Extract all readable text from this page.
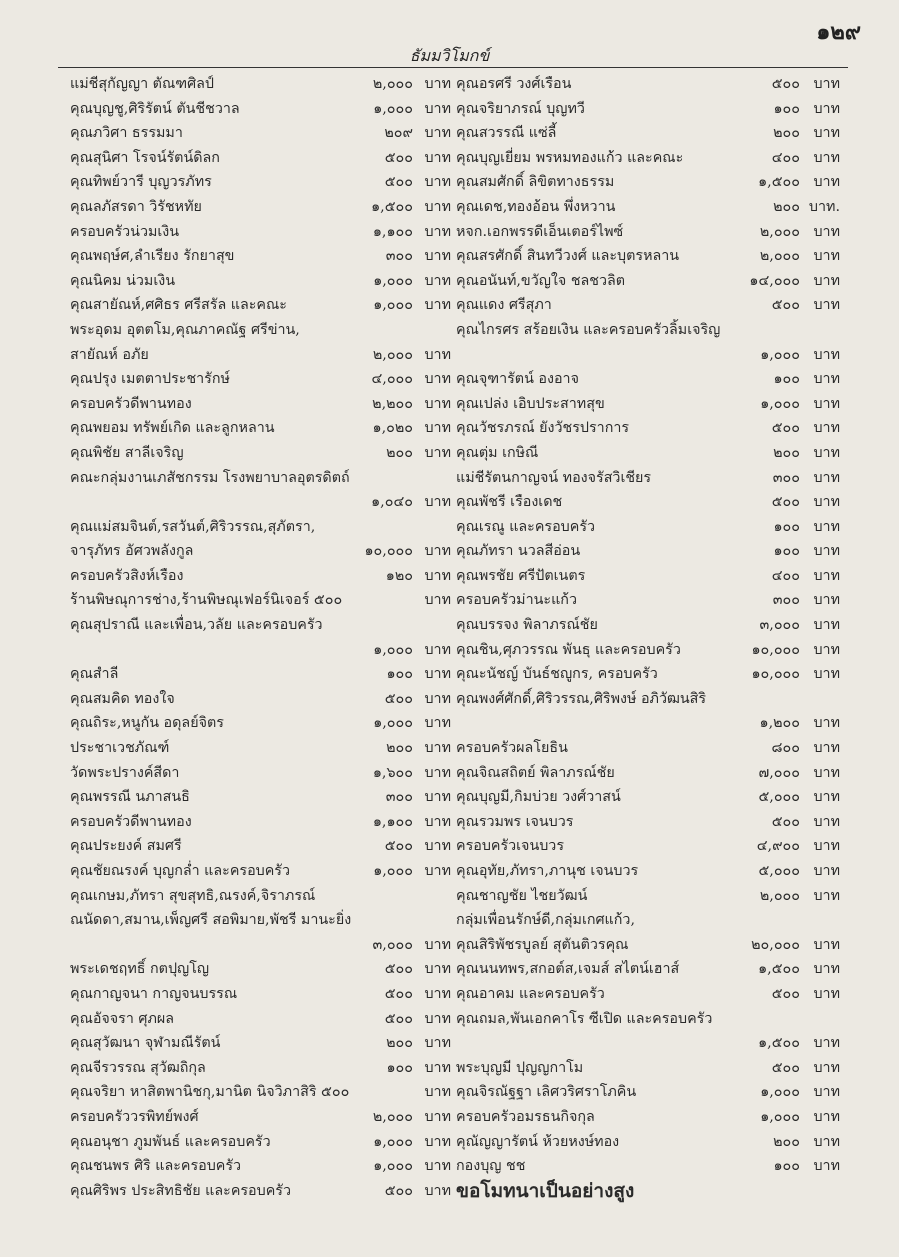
๑๒๙
ธัมมวิโมกข์
แม่ชีสุกัญญา ตัณฑศิลป์	๒,๐๐๐ บาท
คุณบุญชู,ศิริรัตน์ ตันชีชวาล	๑,๐๐๐ บาท
คุณภวิศา ธรรมมา	๒๐๙ บาท
คุณสุนิศา โรจน์รัตน์ดิลก	๕๐๐ บาท
คุณทิพย์วารี บุญวรภัทร	๕๐๐ บาท
คุณลภัสรดา วิรัชหทัย	๑,๕๐๐ บาท
ครอบครัวน่วมเงิน	๑,๑๐๐ บาท
คุณพฤษ์ศ,ลำเรียง รักยาสุข	๓๐๐ บาท
คุณนิคม น่วมเงิน	๑,๐๐๐ บาท
คุณสายัณห์,ศศิธร ศรีสรัล และคณะ	๑,๐๐๐ บาท
พระอุดม อุตตโม,คุณภาคณัฐ ศรีข่าน,
สายัณห์ อภัย	๒,๐๐๐ บาท
คุณปรุง เมตตาประชารักษ์	๔,๐๐๐ บาท
ครอบครัวดีพานทอง	๒,๒๐๐ บาท
คุณพยอม ทรัพย์เกิด และลูกหลาน	๑,๐๒๐ บาท
คุณพิชัย สาลีเจริญ	๒๐๐ บาท
คณะกลุ่มงานเภสัชกรรม โรงพยาบาลอุตรดิตถ์
๑,๐๔๐ บาท
คุณแม่สมจินต์,รสวันต์,ศิริวรรณ,สุภัตรา,
จารุภัทร อัศวพลังกูล	๑๐,๐๐๐ บาท
ครอบครัวสิงห์เรือง	๑๒๐ บาท
ร้านพิษณุการช่าง,ร้านพิษณุเฟอร์นิเจอร์ ๕๐๐	บาท
คุณสุปราณี และเพื่อน,วลัย และครอบครัว
๑,๐๐๐ บาท
คุณสำลี	๑๐๐ บาท
คุณสมคิด ทองใจ	๕๐๐ บาท
คุณถิระ,หนูกัน อดุลย์จิตร	๑,๐๐๐ บาท
ประชาเวชภัณฑ์	๒๐๐ บาท
วัดพระปรางค์สีดา	๑,๖๐๐ บาท
คุณพรรณี นภาสนธิ	๓๐๐ บาท
ครอบครัวดีพานทอง	๑,๑๐๐ บาท
คุณประยงค์ สมศรี	๕๐๐ บาท
คุณชัยณรงค์ บุญกล่ำ และครอบครัว	๑,๐๐๐ บาท
คุณเกษม,ภัทรา สุขสุทธิ,ณรงค์,จิราภรณ์
ณนัดดา,สมาน,เพ็ญศรี สอพิมาย,พัชรี มานะยิ่ง
๓,๐๐๐ บาท
พระเดชฤทธิ์ กตปุญโญ	๕๐๐ บาท
คุณกาญจนา กาญจนบรรณ	๕๐๐ บาท
คุณอัจจรา ศุภผล	๕๐๐ บาท
คุณสุวัฒนา จุฬามณีรัตน์	๒๐๐ บาท
คุณจีรวรรณ สุวัฒถิกุล	๑๐๐ บาท
คุณจริยา หาสิตพานิชกุ,มานิต นิจวิภาสิริ ๕๐๐	บาท
ครอบครัววรพิทย์พงศ์	๒,๐๐๐ บาท
คุณอนุชา ภูมพันธ์ และครอบครัว	๑,๐๐๐ บาท
คุณชนพร ศิริ และครอบครัว	๑,๐๐๐ บาท
คุณศิริพร ประสิทธิชัย และครอบครัว	๕๐๐ บาท
คุณอรศรี วงศ์เรือน	๕๐๐ บาท
คุณจริยาภรณ์ บุญทวี	๑๐๐ บาท
คุณสวรรณี แซ่ลี้	๒๐๐ บาท
คุณบุญเยี่ยม พรหมทองแก้ว และคณะ	๔๐๐ บาท
คุณสมศักดิ์ ลิขิตทางธรรม	๑,๕๐๐ บาท
คุณเดช,ทองอ้อน พึ่งหวาน	๒๐๐ บาท.
หจก.เอกพรรดีเอ็นเตอร์ไพซ์	๒,๐๐๐ บาท
คุณสรศักดิ์ สินทวีวงศ์ และบุตรหลาน	๒,๐๐๐ บาท
คุณอนันท์,ขวัญใจ ชลชวลิต	๑๔,๐๐๐ บาท
คุณแดง ศรีสุภา	๕๐๐ บาท
คุณไกรศร สร้อยเงิน และครอบครัวลิ้มเจริญ
๑,๐๐๐ บาท
คุณจุฑารัตน์ องอาจ	๑๐๐ บาท
คุณเปล่ง เอิบประสาทสุข	๑,๐๐๐ บาท
คุณวัชรภรณ์ ยังวัชรปราการ	๕๐๐ บาท
คุณตุ่ม เกษิณี	๒๐๐ บาท
แม่ชีรัตนกาญจน์ ทองจรัสวิเชียร	๓๐๐ บาท
คุณพัชรี เรืองเดช	๕๐๐ บาท
คุณเรณู และครอบครัว	๑๐๐ บาท
คุณภัทรา นวลสีอ่อน	๑๐๐ บาท
คุณพรชัย ศรีปัตเนตร	๔๐๐ บาท
ครอบครัวม่านะแก้ว	๓๐๐ บาท
คุณบรรจง พิลาภรณ์ชัย	๓,๐๐๐ บาท
คุณชิน,ศุภวรรณ พันธุ และครอบครัว	๑๐,๐๐๐ บาท
คุณะนัชญ์ บันธ์ชญูกร, ครอบครัว	๑๐,๐๐๐ บาท
คุณพงศ์ศักดิ์,ศิริวรรณ,ศิริพงษ์ อภิวัฒนสิริ
๑,๒๐๐ บาท
ครอบครัวผลโยธิน	๘๐๐ บาท
คุณจิณสถิตย์ พิลาภรณ์ชัย	๗,๐๐๐ บาท
คุณบุญมี,กิมบ่วย วงศ์วาสน์	๕,๐๐๐ บาท
คุณรวมพร เจนบวร	๕๐๐ บาท
ครอบครัวเจนบวร	๔,๙๐๐ บาท
คุณอุทัย,ภัทรา,ภานุช เจนบวร	๕,๐๐๐ บาท
คุณชาญชัย ไชยวัฒน์	๒,๐๐๐ บาท
กลุ่มเพื่อนรักษ์ดี,กลุ่มเกศแก้ว,
คุณสิริพัชรบูลย์ สุตันติวรคุณ	๒๐,๐๐๐ บาท
คุณนนทพร,สกอต์ส,เจมส์ สไตน์เฮาส์	๑,๕๐๐ บาท
คุณอาคม และครอบครัว	๕๐๐ บาท
คุณถมล,พันเอกคาโร ซีเปิด และครอบครัว
๑,๕๐๐ บาท
พระบุญมี ปุญญกาโม	๕๐๐ บาท
คุณจิรณัฐฐา เลิศวริศราโภคิน	๑,๐๐๐ บาท
ครอบครัวอมรธนกิจกุล	๑,๐๐๐ บาท
คุณัญญารัตน์ ห้วยหงษ์ทอง	๒๐๐ บาท
กองบุญ ชช	๑๐๐ บาท
ขอโมทนาเป็นอย่างสูง
